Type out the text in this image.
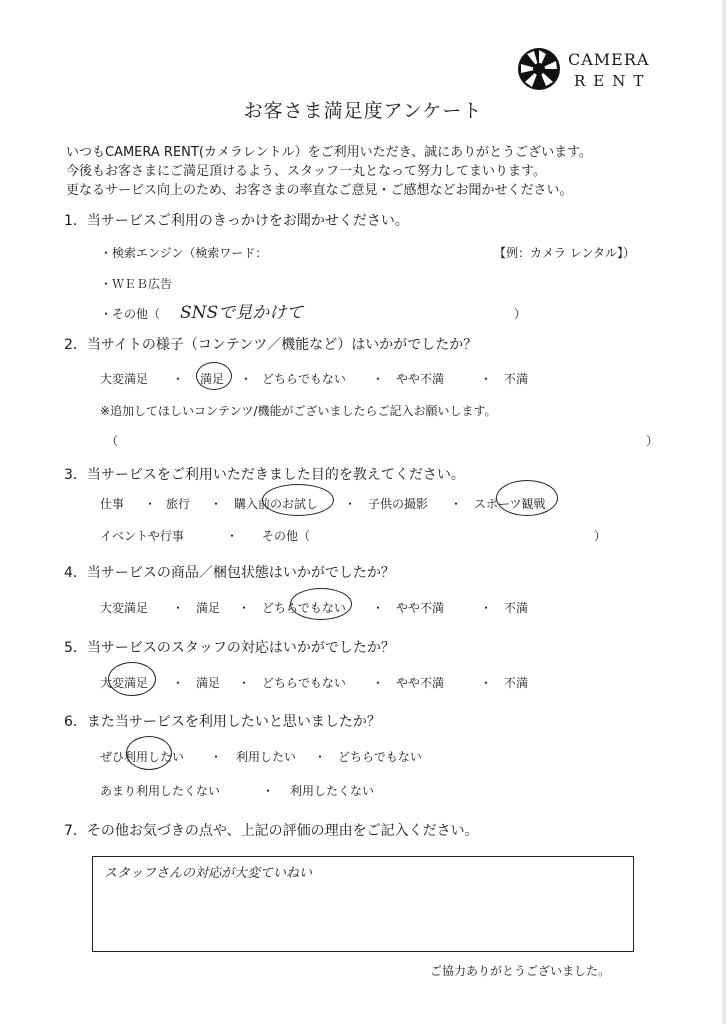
CAMERA
RENT
お客さま満足度アンケート
いつもCAMERA RENT(カメラレントル）をご利用いただき、誠にありがとうございます。
今後もお客さまにご満足頂けるよう、スタッフ一丸となって努力してまいります。
更なるサービス向上のため、お客さまの率直なご意見・ご感想などお聞かせください。
1．当サービスご利用のきっかけをお聞かせください。
・検索エンジン（検索ワード：	【例：カメラ レンタル】）
・ＷＥＢ広告
・その他（ SNSで見かけて	）
2．当サイトの様子（コンテンツ／機能など）はいかがでしたか？
大変満足 ・ 満足 ・ どちらでもない ・ やや不満	・ 不満
※追加してほしいコンテンツ/機能がございましたらご記入お願いします。
（	）
3．当サービスをご利用いただきました目的を教えてください。
仕事 ・ 旅行 ・ 購入前のお試し ・ 子供の撮影 ・ スポーツ観戦
イベントや行事	・ その他（	）
4．当サービスの商品／梱包状態はいかがでしたか？
大変満足 ・ 満足 ・ どちらでもない ・ やや不満	・ 不満
5．当サービスのスタッフの対応はいかがでしたか？
大変満足 ・ 満足 ・ どちらでもない ・ やや不満	・ 不満
6．また当サービスを利用したいと思いましたか？
ぜひ利用したい ・ 利用したい ・ どちらでもない
あまり利用したくない	・ 利用したくない
7．その他お気づきの点や、上記の評価の理由をご記入ください。
スタッフさんの対応が大変ていねい
ご協力ありがとうございました。
